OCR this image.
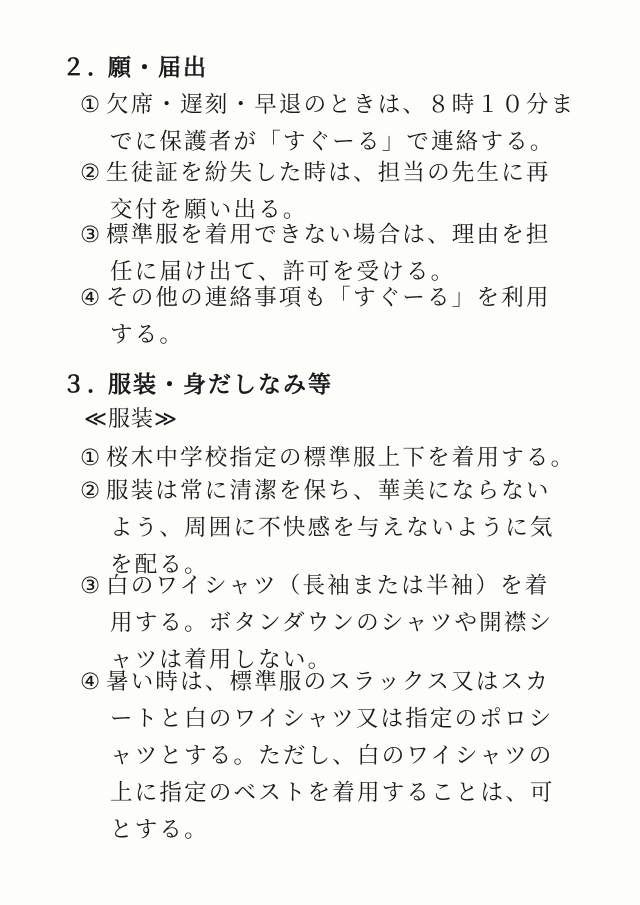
２．願・届出
① 欠席・遅刻・早退のときは、８時１０分ま
でに保護者が「すぐーる」で連絡する。
② 生徒証を紛失した時は、担当の先生に再
交付を願い出る。
③ 標準服を着用できない場合は、理由を担
任に届け出て、許可を受ける。
④ その他の連絡事項も「すぐーる」を利用
する。
３．服装・身だしなみ等
≪服装≫
① 桜木中学校指定の標準服上下を着用する。
② 服装は常に清潔を保ち、華美にならない
よう、周囲に不快感を与えないように気
を配る。
③ 白のワイシャツ（長袖または半袖）を着
用する。ボタンダウンのシャツや開襟シ
ャツは着用しない。
④ 暑い時は、標準服のスラックス又はスカ
ートと白のワイシャツ又は指定のポロシ
ャツとする。ただし、白のワイシャツの
上に指定のベストを着用することは、可
とする。
